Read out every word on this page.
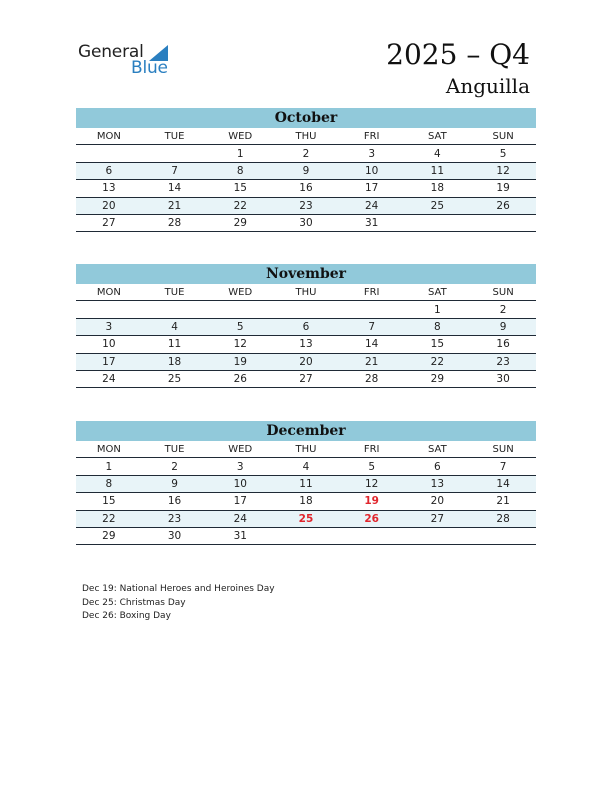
General
Blue	2025 – Q4
Anguilla
October
MON	TUE	WED	THU	FRI	SAT	SUN
		1	2	3	4	5
6	7	8	9	10	11	12
13	14	15	16	17	18	19
20	21	22	23	24	25	26
27	28	29	30	31		
November
MON	TUE	WED	THU	FRI	SAT	SUN
					1	2
3	4	5	6	7	8	9
10	11	12	13	14	15	16
17	18	19	20	21	22	23
24	25	26	27	28	29	30
December
MON	TUE	WED	THU	FRI	SAT	SUN
1	2	3	4	5	6	7
8	9	10	11	12	13	14
15	16	17	18	19	20	21
22	23	24	25	26	27	28
29	30	31				
Dec 19: National Heroes and Heroines Day
Dec 25: Christmas Day
Dec 26: Boxing Day
